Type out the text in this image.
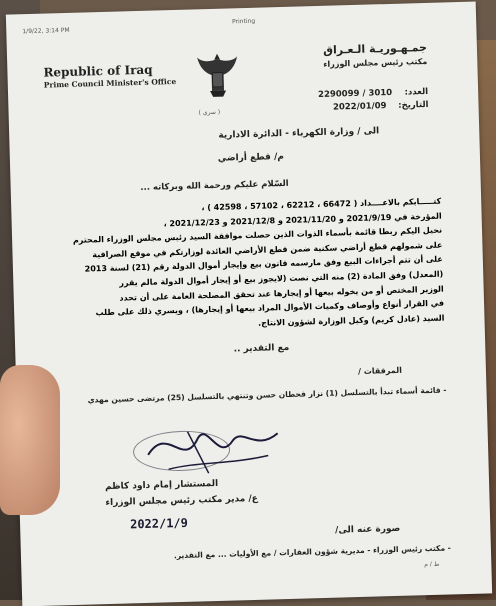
1/9/22, 3:14 PM
Printing
Republic of Iraq
Prime Council Minister's Office
( سري )
جمـهـوريـة الـعـراق
مكتب رئيس مجلس الوزراء
العدد:
2290099 / 3010
التاريخ:
2022/01/09
الى / وزارة الكهرباء - الدائرة الادارية
م/ قطع أراضي
السّلام عليكم ورحمة الله وبركاته ...
كتـــــابكم بالاعــــداد ( 66472 ، 62212 ، 57102 ، 42598 ) ،
المؤرخة في 2021/9/19 و 2021/11/20 و 2021/12/8 و 2021/12/23 ،
نحيل اليكم ربطا قائمة بأسماء الذوات الذين حصلت موافقة السيد رئيس مجلس الوزراء المحترم
على شمولهم قطع أراضي سكنية ضمن قطع الأراضي العائدة لوزارتكم في موقع الصرافية
على أن تتم أجراءات البيع وفق مارسمه قانون بيع وإيجار أموال الدولة رقم (21) لسنة 2013
(المعدل) وفق المادة (2) منه التي نصت (لايجوز بيع أو إيجار أموال الدولة مالم يقرر
الوزير المختص أو من يخوله بيعها أو إيجارها عند تحقق المصلحة العامة على أن تحدد
في القرار أنواع وأوصاف وكميات الأموال المراد بيعها أو إيجارها) ، ويسري ذلك على طلب
السيد (عادل كريم) وكيل الوزارة لشؤون الانتاج.
مع التقدير ..
المرفقات /
- قائمة أسماء تبدأ بالتسلسل (1) نزار قحطان حسن وتنتهي بالتسلسل (25) مرتضى حسين مهدي
المستشار إمام داود كاظم
ع/ مدير مكتب رئيس مجلس الوزراء
2022/1/9	صورة عنه الى/
- مكتب رئيس الوزراء - مديرية شؤون العقارات / مع الأوليات ... مع التقدير.
ط / م
